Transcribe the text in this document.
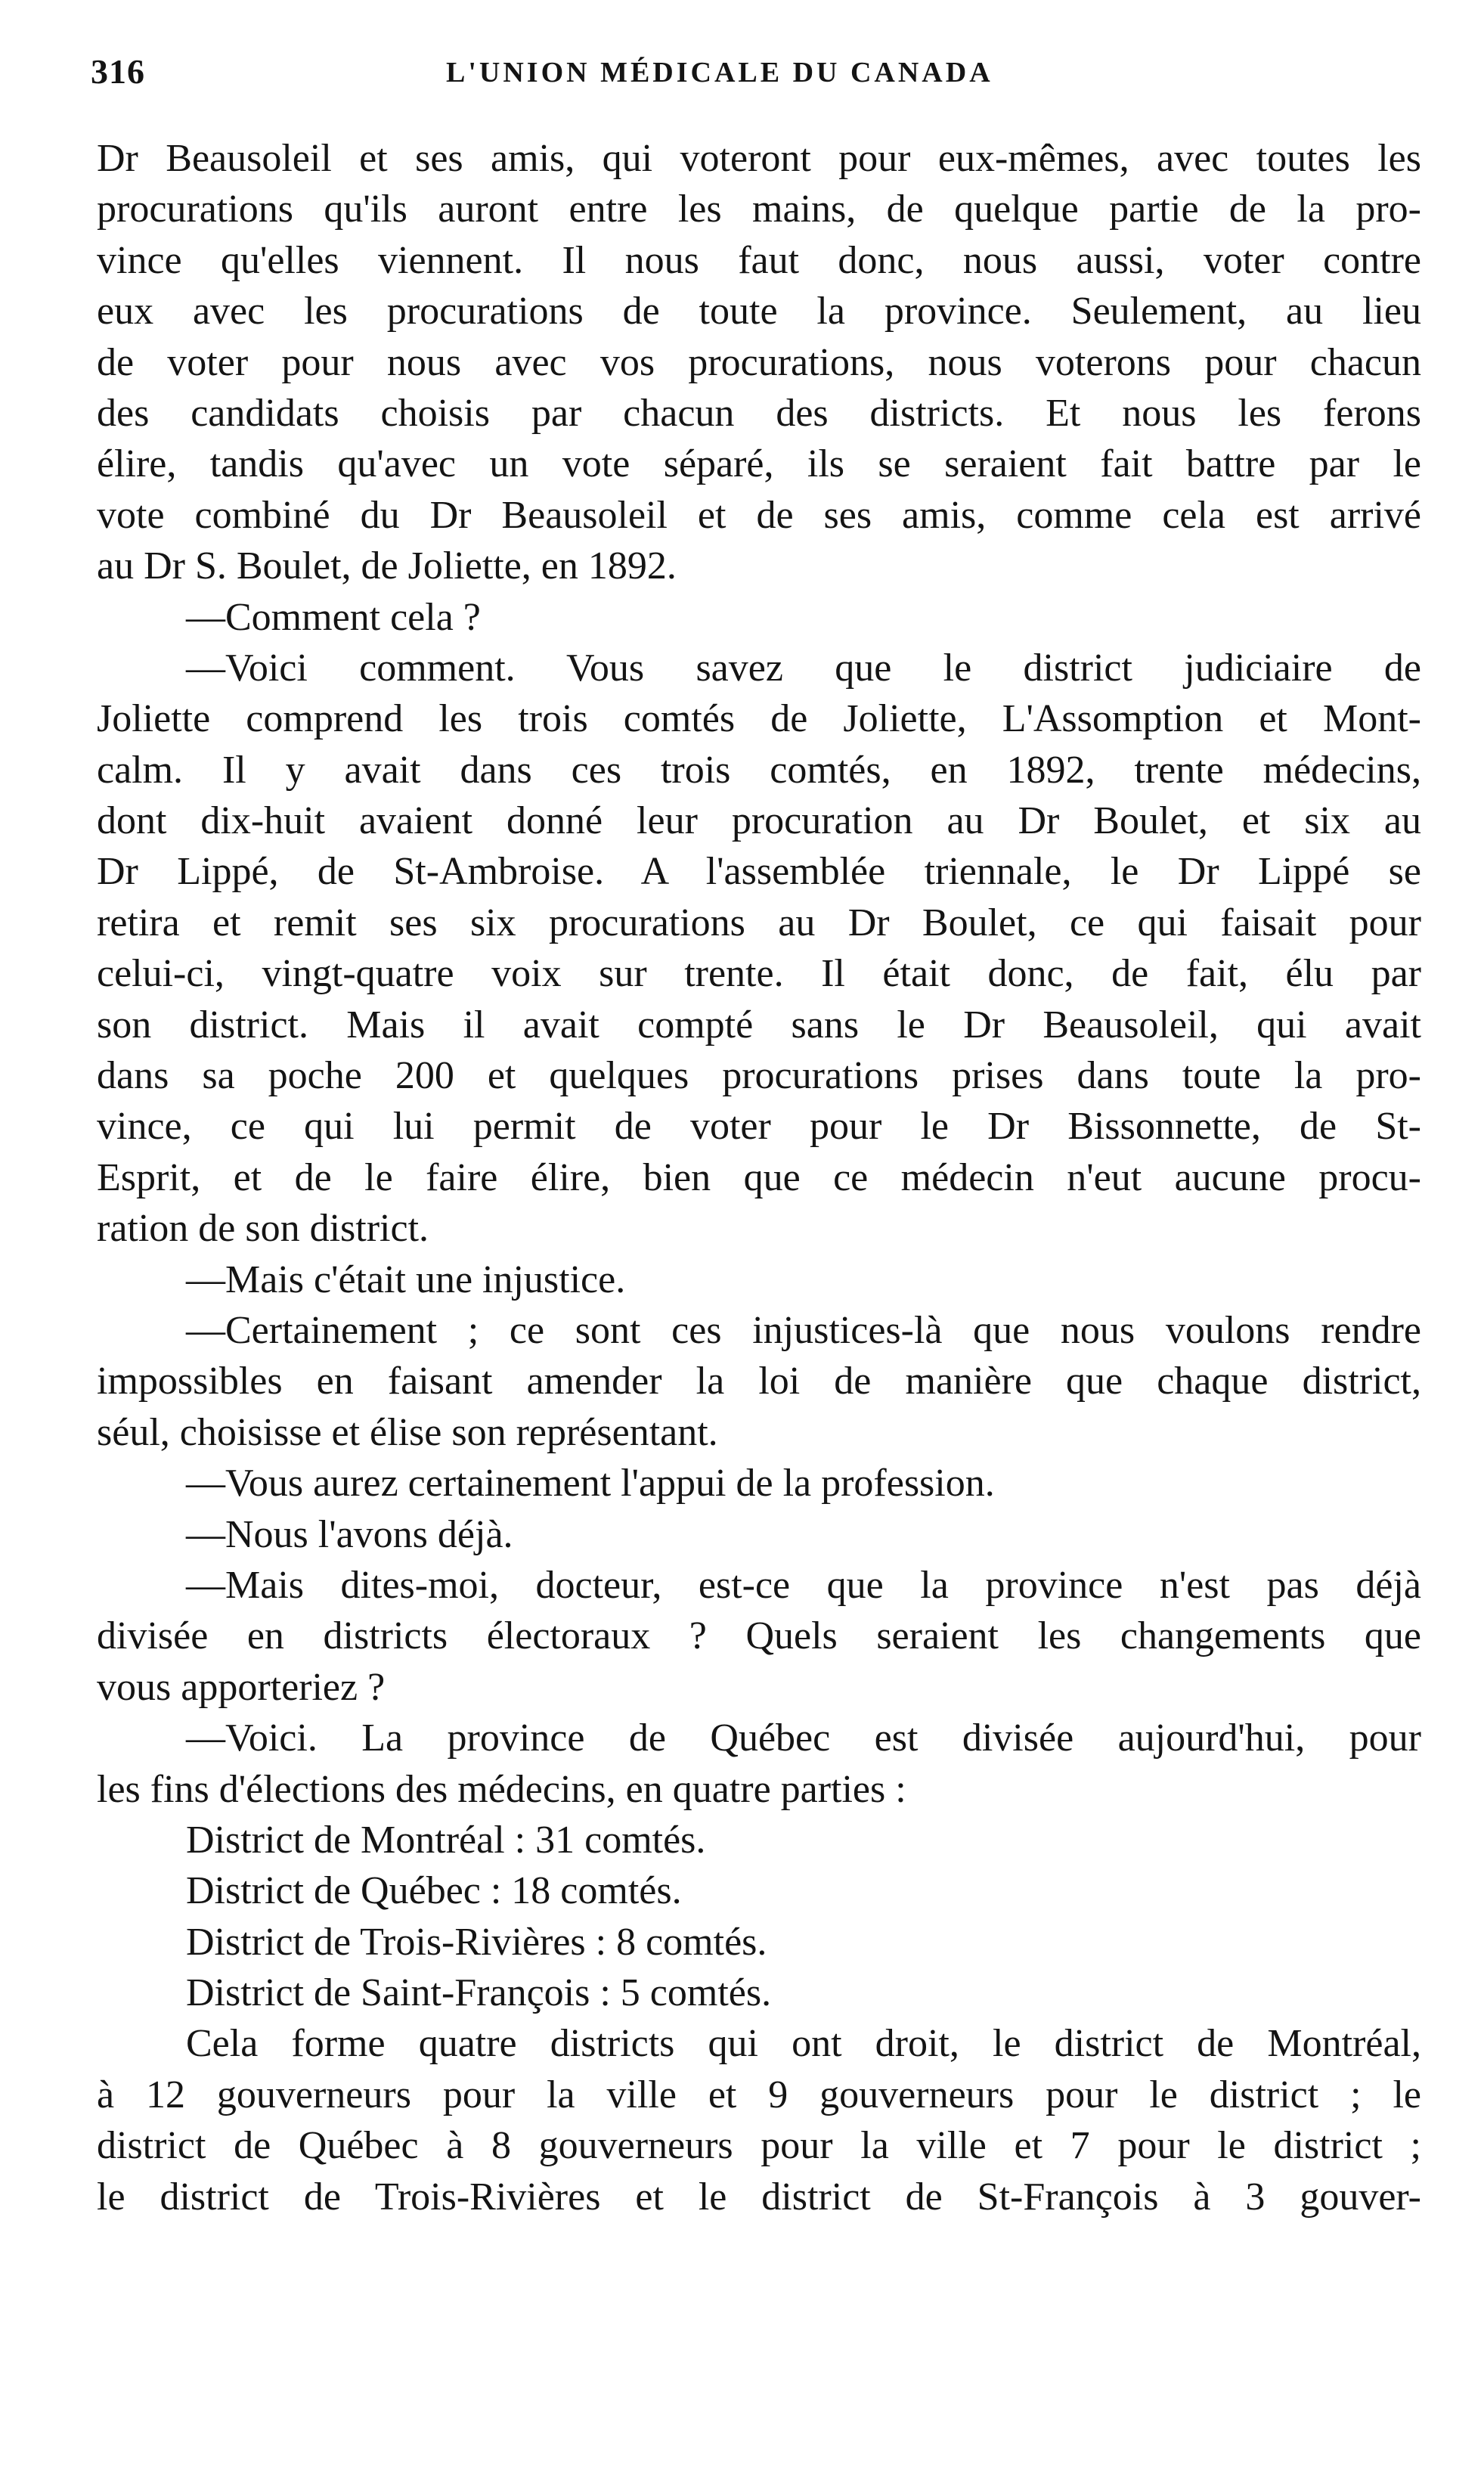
316	L'UNION MÉDICALE DU CANADA
Dr Beausoleil et ses amis, qui voteront pour eux-mêmes, avec toutes les
procurations qu'ils auront entre les mains, de quelque partie de la pro-
vince qu'elles viennent. Il nous faut donc, nous aussi, voter contre
eux avec les procurations de toute la province. Seulement, au lieu
de voter pour nous avec vos procurations, nous voterons pour chacun
des candidats choisis par chacun des districts. Et nous les ferons
élire, tandis qu'avec un vote séparé, ils se seraient fait battre par le
vote combiné du Dr Beausoleil et de ses amis, comme cela est arrivé
au Dr S. Boulet, de Joliette, en 1892.
—Comment cela ?
—Voici comment. Vous savez que le district judiciaire de
Joliette comprend les trois comtés de Joliette, L'Assomption et Mont-
calm. Il y avait dans ces trois comtés, en 1892, trente médecins,
dont dix-huit avaient donné leur procuration au Dr Boulet, et six au
Dr Lippé, de St-Ambroise. A l'assemblée triennale, le Dr Lippé se
retira et remit ses six procurations au Dr Boulet, ce qui faisait pour
celui-ci, vingt-quatre voix sur trente. Il était donc, de fait, élu par
son district. Mais il avait compté sans le Dr Beausoleil, qui avait
dans sa poche 200 et quelques procurations prises dans toute la pro-
vince, ce qui lui permit de voter pour le Dr Bissonnette, de St-
Esprit, et de le faire élire, bien que ce médecin n'eut aucune procu-
ration de son district.
—Mais c'était une injustice.
—Certainement ; ce sont ces injustices-là que nous voulons rendre
impossibles en faisant amender la loi de manière que chaque district,
séul, choisisse et élise son représentant.
—Vous aurez certainement l'appui de la profession.
—Nous l'avons déjà.
—Mais dites-moi, docteur, est-ce que la province n'est pas déjà
divisée en districts électoraux ? Quels seraient les changements que
vous apporteriez ?
—Voici. La province de Québec est divisée aujourd'hui, pour
les fins d'élections des médecins, en quatre parties :
District de Montréal : 31 comtés.
District de Québec : 18 comtés.
District de Trois-Rivières : 8 comtés.
District de Saint-François : 5 comtés.
Cela forme quatre districts qui ont droit, le district de Montréal,
à 12 gouverneurs pour la ville et 9 gouverneurs pour le district ; le
district de Québec à 8 gouverneurs pour la ville et 7 pour le district ;
le district de Trois-Rivières et le district de St-François à 3 gouver-
